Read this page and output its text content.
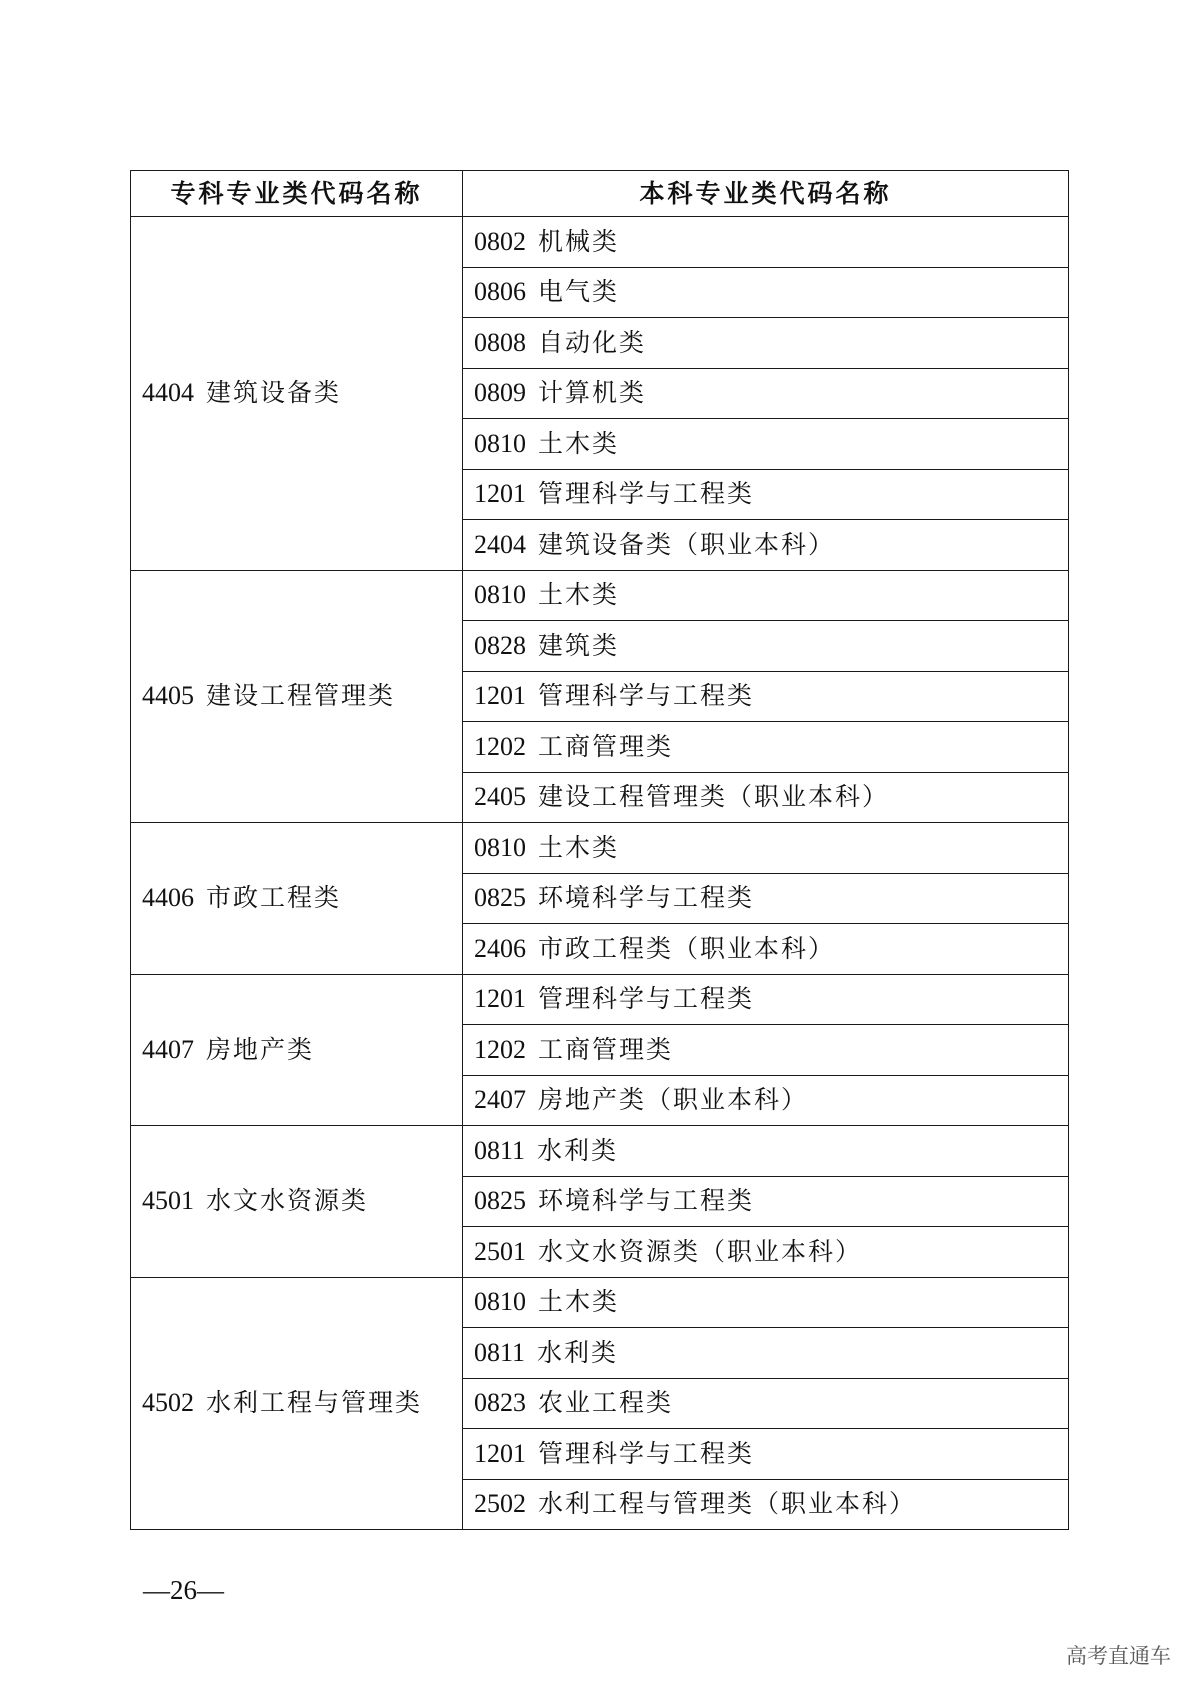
专科专业类代码名称	本科专业类代码名称
4404 建筑设备类	0802 机械类
	0806 电气类
	0808 自动化类
	0809 计算机类
	0810 土木类
	1201 管理科学与工程类
	2404 建筑设备类（职业本科）
4405 建设工程管理类	0810 土木类
	0828 建筑类
	1201 管理科学与工程类
	1202 工商管理类
	2405 建设工程管理类（职业本科）
4406 市政工程类	0810 土木类
	0825 环境科学与工程类
	2406 市政工程类（职业本科）
4407 房地产类	1201 管理科学与工程类
	1202 工商管理类
	2407 房地产类（职业本科）
4501 水文水资源类	0811 水利类
	0825 环境科学与工程类
	2501 水文水资源类（职业本科）
4502 水利工程与管理类	0810 土木类
	0811 水利类
	0823 农业工程类
	1201 管理科学与工程类
	2502 水利工程与管理类（职业本科）
—26—
高考直通车
